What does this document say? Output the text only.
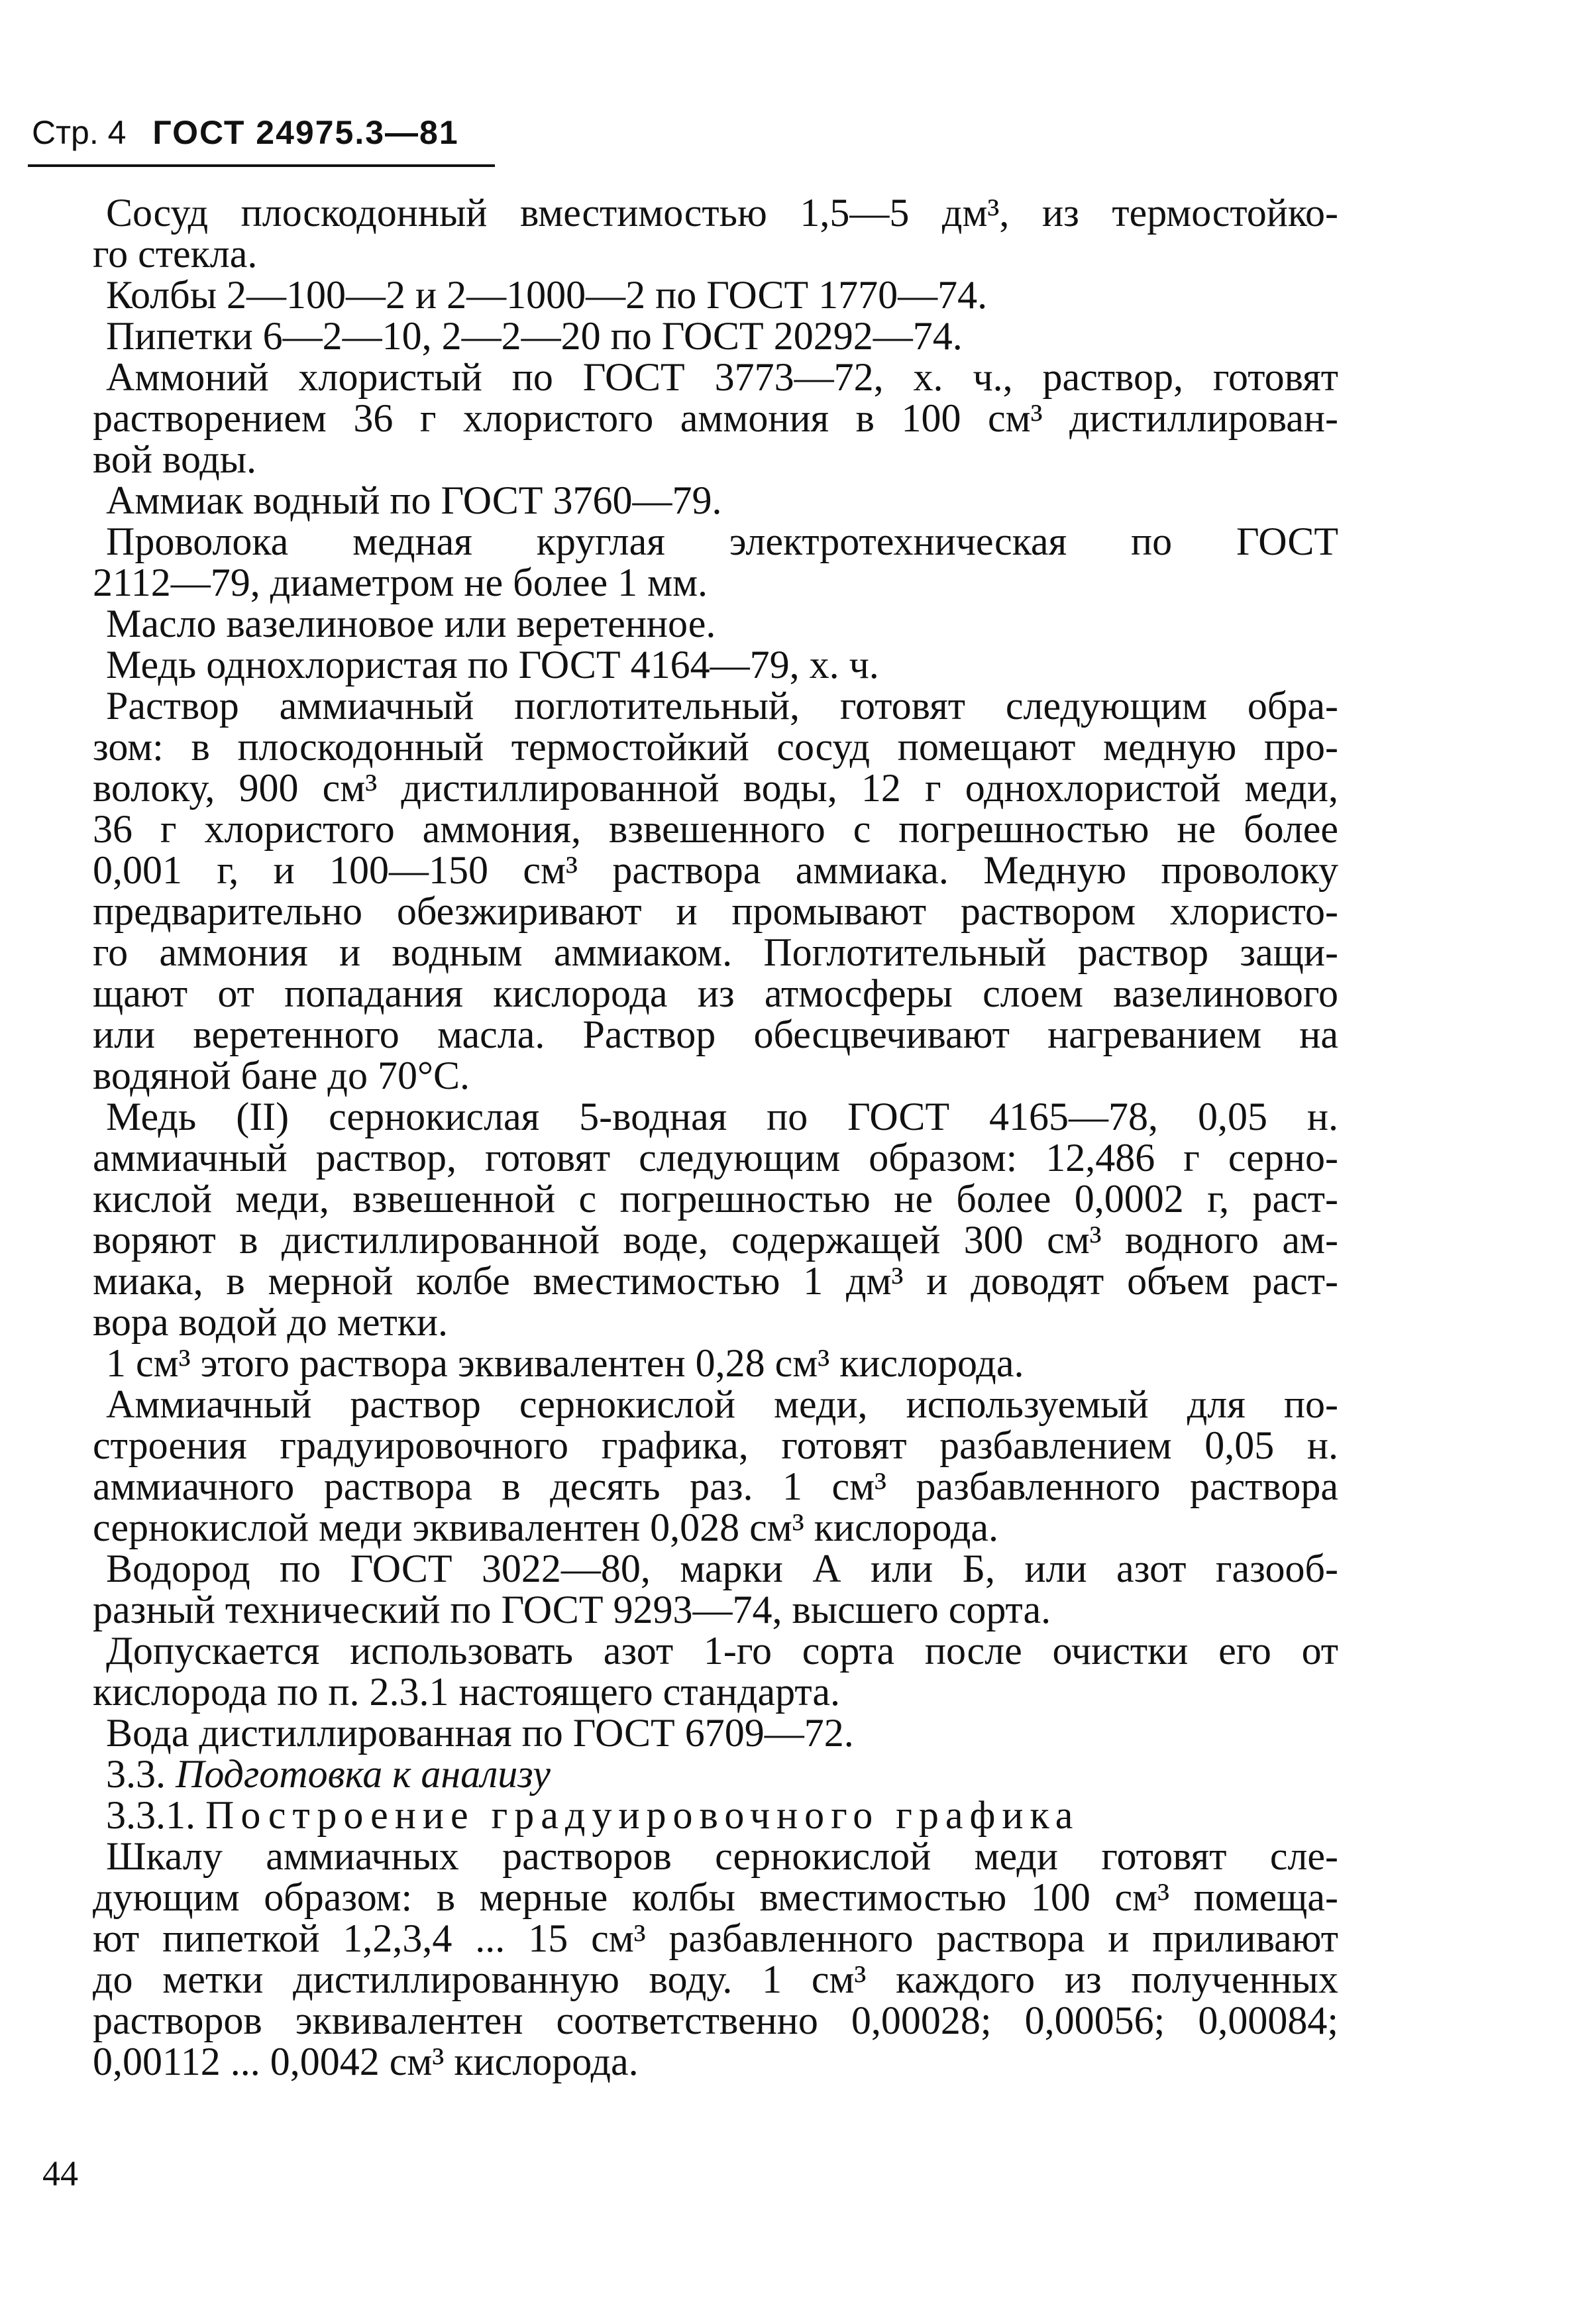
Стр. 4 ГОСТ 24975.3—81
Сосуд плоскодонный вместимостью 1,5—5 дм³, из термостойко-
го стекла.
Колбы 2—100—2 и 2—1000—2 по ГОСТ 1770—74.
Пипетки 6—2—10, 2—2—20 по ГОСТ 20292—74.
Аммоний хлористый по ГОСТ 3773—72, х. ч., раствор, готовят
растворением 36 г хлористого аммония в 100 см³ дистиллирован-
вой воды.
Аммиак водный по ГОСТ 3760—79.
Проволока медная круглая электротехническая по ГОСТ
2112—79, диаметром не более 1 мм.
Масло вазелиновое или веретенное.
Медь однохлористая по ГОСТ 4164—79, х. ч.
Раствор аммиачный поглотительный, готовят следующим обра-
зом: в плоскодонный термостойкий сосуд помещают медную про-
волоку, 900 см³ дистиллированной воды, 12 г однохлористой меди,
36 г хлористого аммония, взвешенного с погрешностью не более
0,001 г, и 100—150 см³ раствора аммиака. Медную проволоку
предварительно обезжиривают и промывают раствором хлористо-
го аммония и водным аммиаком. Поглотительный раствор защи-
щают от попадания кислорода из атмосферы слоем вазелинового
или веретенного масла. Раствор обесцвечивают нагреванием на
водяной бане до 70°С.
Медь (II) сернокислая 5-водная по ГОСТ 4165—78, 0,05 н.
аммиачный раствор, готовят следующим образом: 12,486 г серно-
кислой меди, взвешенной с погрешностью не более 0,0002 г, раст-
воряют в дистиллированной воде, содержащей 300 см³ водного ам-
миака, в мерной колбе вместимостью 1 дм³ и доводят объем раст-
вора водой до метки.
1 см³ этого раствора эквивалентен 0,28 см³ кислорода.
Аммиачный раствор сернокислой меди, используемый для по-
строения градуировочного графика, готовят разбавлением 0,05 н.
аммиачного раствора в десять раз. 1 см³ разбавленного раствора
сернокислой меди эквивалентен 0,028 см³ кислорода.
Водород по ГОСТ 3022—80, марки А или Б, или азот газооб-
разный технический по ГОСТ 9293—74, высшего сорта.
Допускается использовать азот 1-го сорта после очистки его от
кислорода по п. 2.3.1 настоящего стандарта.
Вода дистиллированная по ГОСТ 6709—72.
3.3. Подготовка к анализу
3.3.1. Построение градуировочного графика
Шкалу аммиачных растворов сернокислой меди готовят сле-
дующим образом: в мерные колбы вместимостью 100 см³ помеща-
ют пипеткой 1,2,3,4 ... 15 см³ разбавленного раствора и приливают
до метки дистиллированную воду. 1 см³ каждого из полученных
растворов эквивалентен соответственно 0,00028; 0,00056; 0,00084;
0,00112 ... 0,0042 см³ кислорода.
44
